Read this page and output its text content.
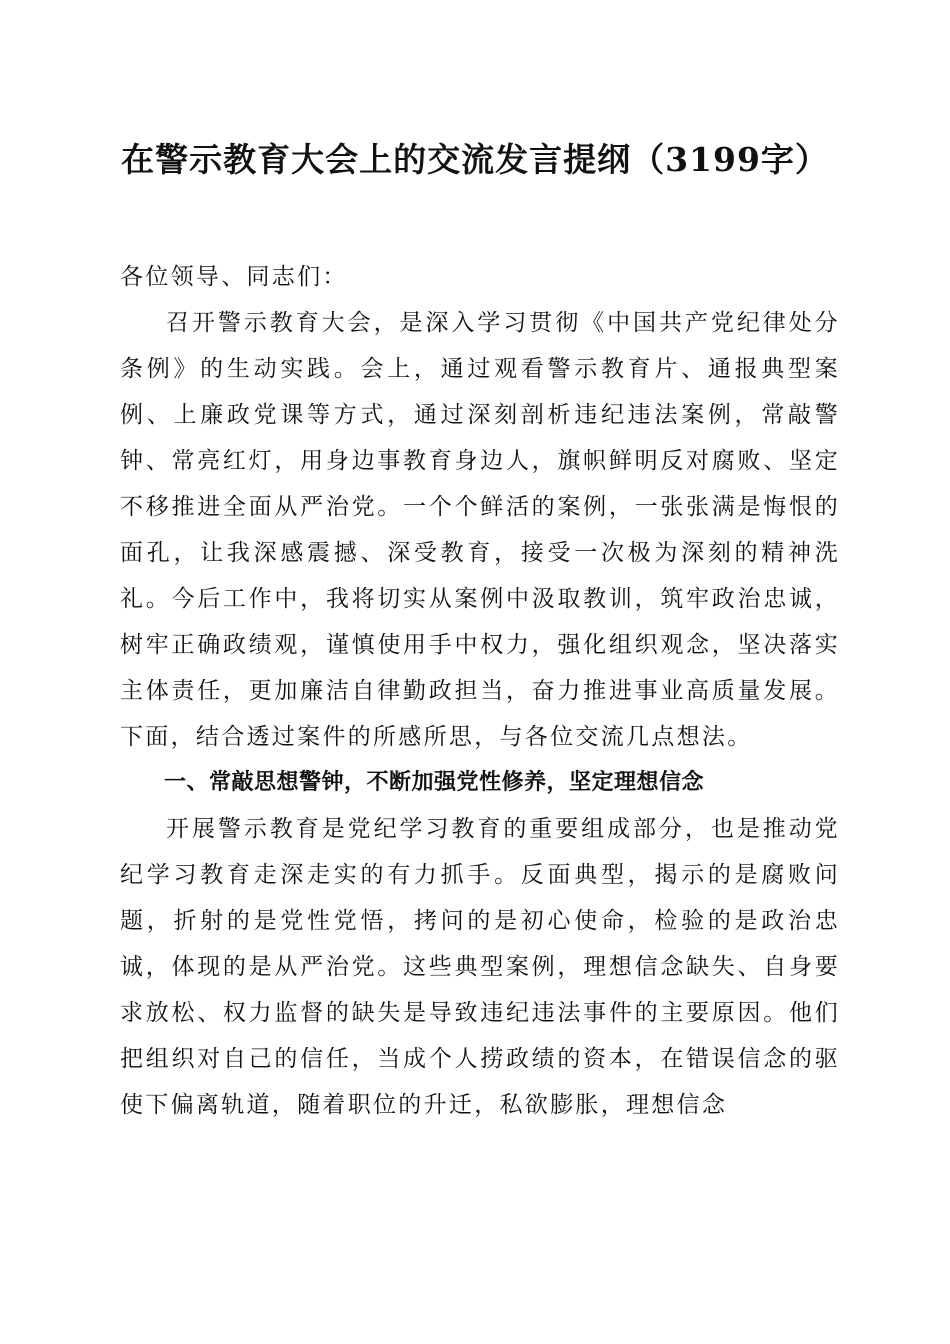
在警示教育大会上的交流发言提纲（3199字）

各位领导、同志们：

召开警示教育大会，是深入学习贯彻《中国共产党纪律处分条例》的生动实践。会上，通过观看警示教育片、通报典型案例、上廉政党课等方式，通过深刻剖析违纪违法案例，常敲警钟、常亮红灯，用身边事教育身边人，旗帜鲜明反对腐败、坚定不移推进全面从严治党。一个个鲜活的案例，一张张满是悔恨的面孔，让我深感震撼、深受教育，接受一次极为深刻的精神洗礼。今后工作中，我将切实从案例中汲取教训，筑牢政治忠诚，树牢正确政绩观，谨慎使用手中权力，强化组织观念，坚决落实主体责任，更加廉洁自律勤政担当，奋力推进事业高质量发展。下面，结合透过案件的所感所思，与各位交流几点想法。

一、常敲思想警钟，不断加强党性修养，坚定理想信念

开展警示教育是党纪学习教育的重要组成部分，也是推动党纪学习教育走深走实的有力抓手。反面典型，揭示的是腐败问题，折射的是党性党悟，拷问的是初心使命，检验的是政治忠诚，体现的是从严治党。这些典型案例，理想信念缺失、自身要求放松、权力监督的缺失是导致违纪违法事件的主要原因。他们把组织对自己的信任，当成个人捞政绩的资本，在错误信念的驱使下偏离轨道，随着职位的升迁，私欲膨胀，理想信念
